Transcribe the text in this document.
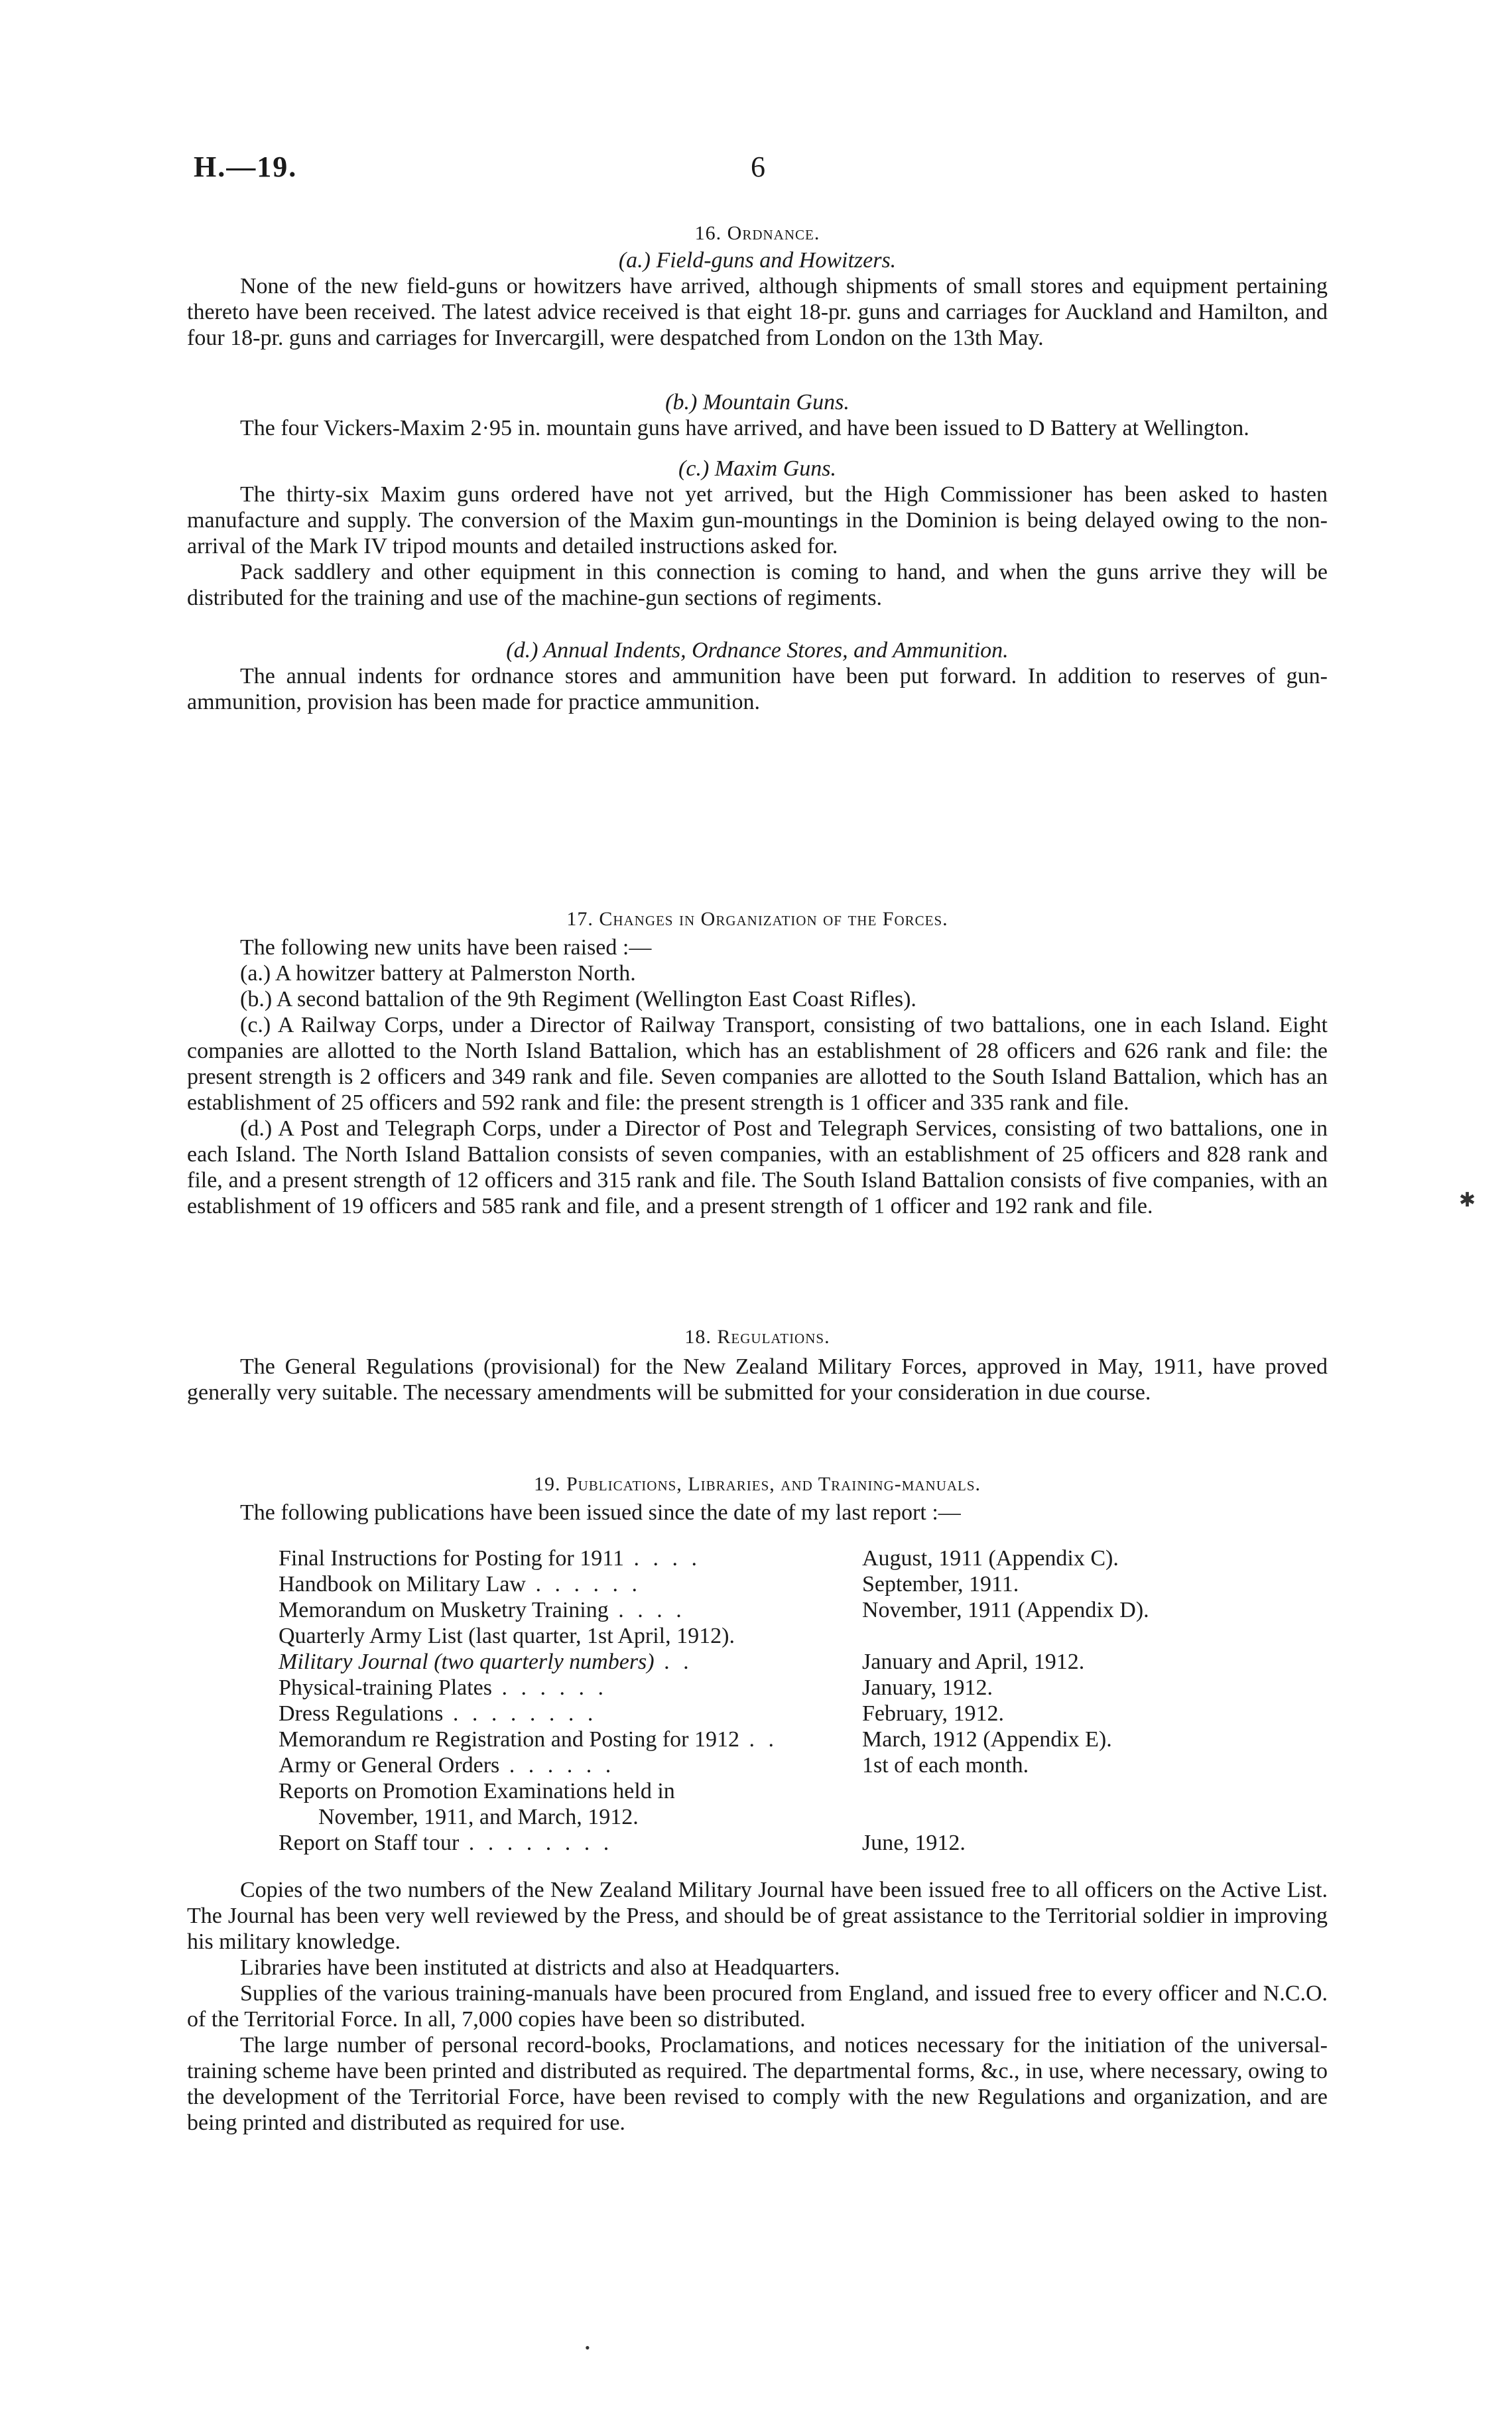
H.—19.	6
16. Ordnance.
(a.) Field-guns and Howitzers.

None of the new field-guns or howitzers have arrived, although shipments of small stores and equipment pertaining thereto have been received. The latest advice received is that eight 18-pr. guns and carriages for Auckland and Hamilton, and four 18-pr. guns and carriages for Invercargill, were despatched from London on the 13th May.

(b.) Mountain Guns.

The four Vickers-Maxim 2·95 in. mountain guns have arrived, and have been issued to D Battery at Wellington.

(c.) Maxim Guns.

The thirty-six Maxim guns ordered have not yet arrived, but the High Commissioner has been asked to hasten manufacture and supply. The conversion of the Maxim gun-mountings in the Dominion is being delayed owing to the non-arrival of the Mark IV tripod mounts and detailed instructions asked for.

Pack saddlery and other equipment in this connection is coming to hand, and when the guns arrive they will be distributed for the training and use of the machine-gun sections of regiments.

(d.) Annual Indents, Ordnance Stores, and Ammunition.

The annual indents for ordnance stores and ammunition have been put forward. In addition to reserves of gun-ammunition, provision has been made for practice ammunition.

17. Changes in Organization of the Forces.

The following new units have been raised :—

(a.) A howitzer battery at Palmerston North.

(b.) A second battalion of the 9th Regiment (Wellington East Coast Rifles).

(c.) A Railway Corps, under a Director of Railway Transport, consisting of two battalions, one in each Island. Eight companies are allotted to the North Island Battalion, which has an establishment of 28 officers and 626 rank and file: the present strength is 2 officers and 349 rank and file. Seven companies are allotted to the South Island Battalion, which has an establishment of 25 officers and 592 rank and file: the present strength is 1 officer and 335 rank and file.

(d.) A Post and Telegraph Corps, under a Director of Post and Telegraph Services, consisting of two battalions, one in each Island. The North Island Battalion consists of seven companies, with an establishment of 25 officers and 828 rank and file, and a present strength of 12 officers and 315 rank and file. The South Island Battalion consists of five companies, with an establishment of 19 officers and 585 rank and file, and a present strength of 1 officer and 192 rank and file.

18. Regulations.

The General Regulations (provisional) for the New Zealand Military Forces, approved in May, 1911, have proved generally very suitable. The necessary amendments will be submitted for your consideration in due course.

19. Publications, Libraries, and Training-manuals.

The following publications have been issued since the date of my last report :—

Final Instructions for Posting for 1911 . . . .	August, 1911 (Appendix C).
Handbook on Military Law . . . . . .	September, 1911.
Memorandum on Musketry Training . . . .	November, 1911 (Appendix D).
Quarterly Army List (last quarter, 1st April, 1912).
Military Journal (two quarterly numbers) . .	January and April, 1912.
Physical-training Plates . . . . . .	January, 1912.
Dress Regulations . . . . . . . .	February, 1912.
Memorandum re Registration and Posting for 1912 . .	March, 1912 (Appendix E).
Army or General Orders . . . . . .	1st of each month.
Reports on Promotion Examinations held in
November, 1911, and March, 1912.
Report on Staff tour . . . . . . . .	June, 1912.

Copies of the two numbers of the New Zealand Military Journal have been issued free to all officers on the Active List. The Journal has been very well reviewed by the Press, and should be of great assistance to the Territorial soldier in improving his military knowledge.

Libraries have been instituted at districts and also at Headquarters.

Supplies of the various training-manuals have been procured from England, and issued free to every officer and N.C.O. of the Territorial Force. In all, 7,000 copies have been so distributed.

The large number of personal record-books, Proclamations, and notices necessary for the initiation of the universal-training scheme have been printed and distributed as required. The departmental forms, &c., in use, where necessary, owing to the development of the Territorial Force, have been revised to comply with the new Regulations and organization, and are being printed and distributed as required for use.

✱
•
